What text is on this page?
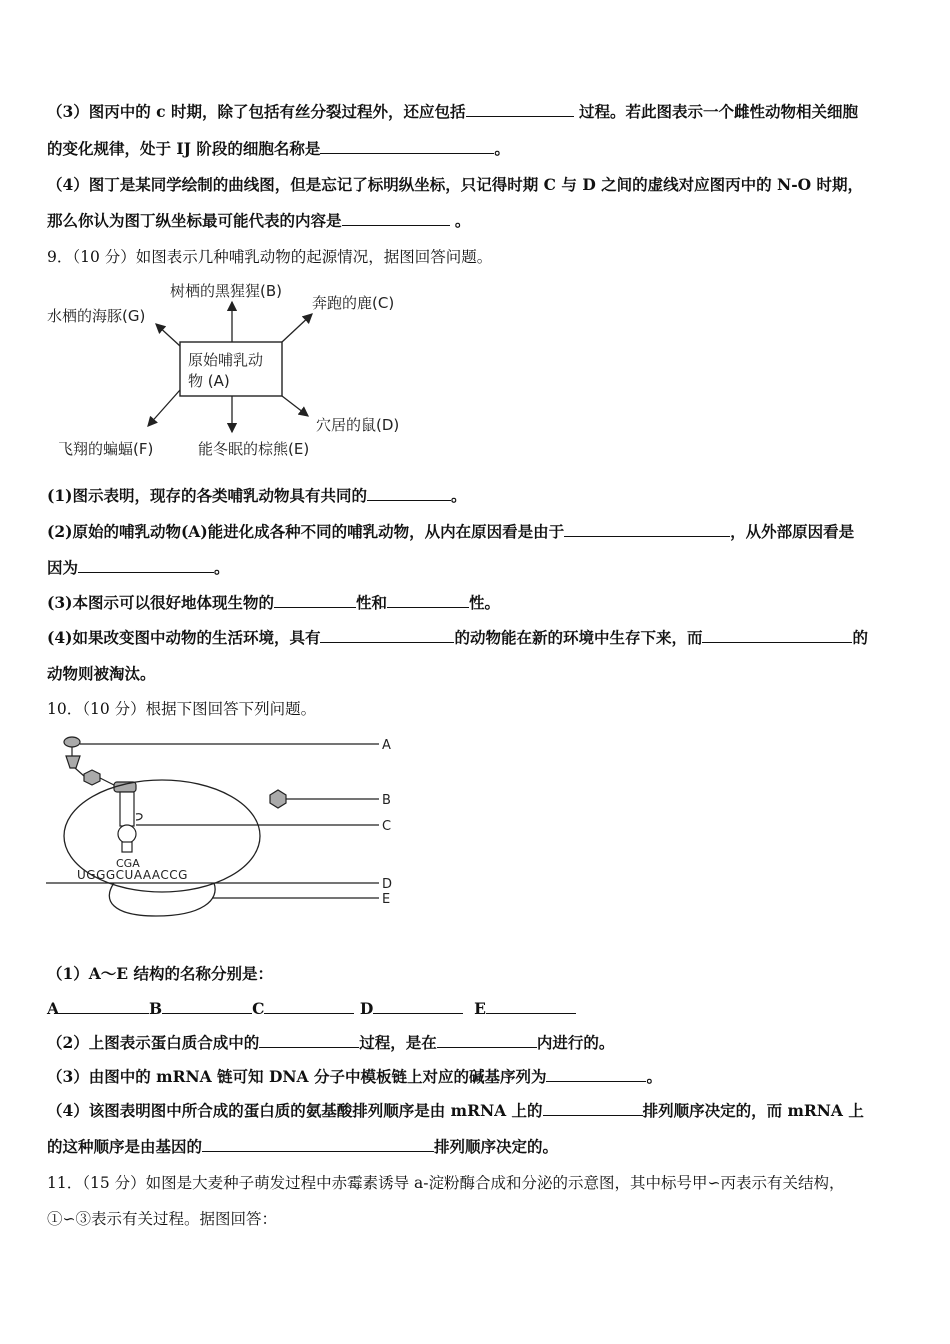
（3）图丙中的 c 时期，除了包括有丝分裂过程外，还应包括	过程。若此图表示一个雌性动物相关细胞
的变化规律，处于 IJ 阶段的细胞名称是	。
（4）图丁是某同学绘制的曲线图，但是忘记了标明纵坐标，只记得时期 C 与 D 之间的虚线对应图丙中的 N-O 时期，
那么你认为图丁纵坐标最可能代表的内容是	。
9．（10 分）如图表示几种哺乳动物的起源情况，据图回答问题。
原始哺乳动
物 (A)
树栖的黑猩猩(B)
奔跑的鹿(C)
水栖的海豚(G)
穴居的鼠(D)
飞翔的蝙蝠(F)	能冬眠的棕熊(E)
(1)图示表明，现存的各类哺乳动物具有共同的	。
(2)原始的哺乳动物(A)能进化成各种不同的哺乳动物，从内在原因看是由于	，从外部原因看是
因为	。
(3)本图示可以很好地体现生物的	性和	性。
(4)如果改变图中动物的生活环境，具有	的动物能在新的环境中生存下来，而	的
动物则被淘汰。
10．（10 分）根据下图回答下列问题。
A
B
C
CGA
UGGGCUAAACCG
D
E
（1）A～E 结构的名称分别是：
A	B	C	D	E
（2）上图表示蛋白质合成中的	过程，是在	内进行的。
（3）由图中的 mRNA 链可知 DNA 分子中模板链上对应的碱基序列为	。
（4）该图表明图中所合成的蛋白质的氨基酸排列顺序是由 mRNA 上的	排列顺序决定的，而 mRNA 上
的这种顺序是由基因的	排列顺序决定的。
11．（15 分）如图是大麦种子萌发过程中赤霉素诱导 a-淀粉酶合成和分泌的示意图，其中标号甲∽丙表示有关结构，
①∽③表示有关过程。据图回答：
